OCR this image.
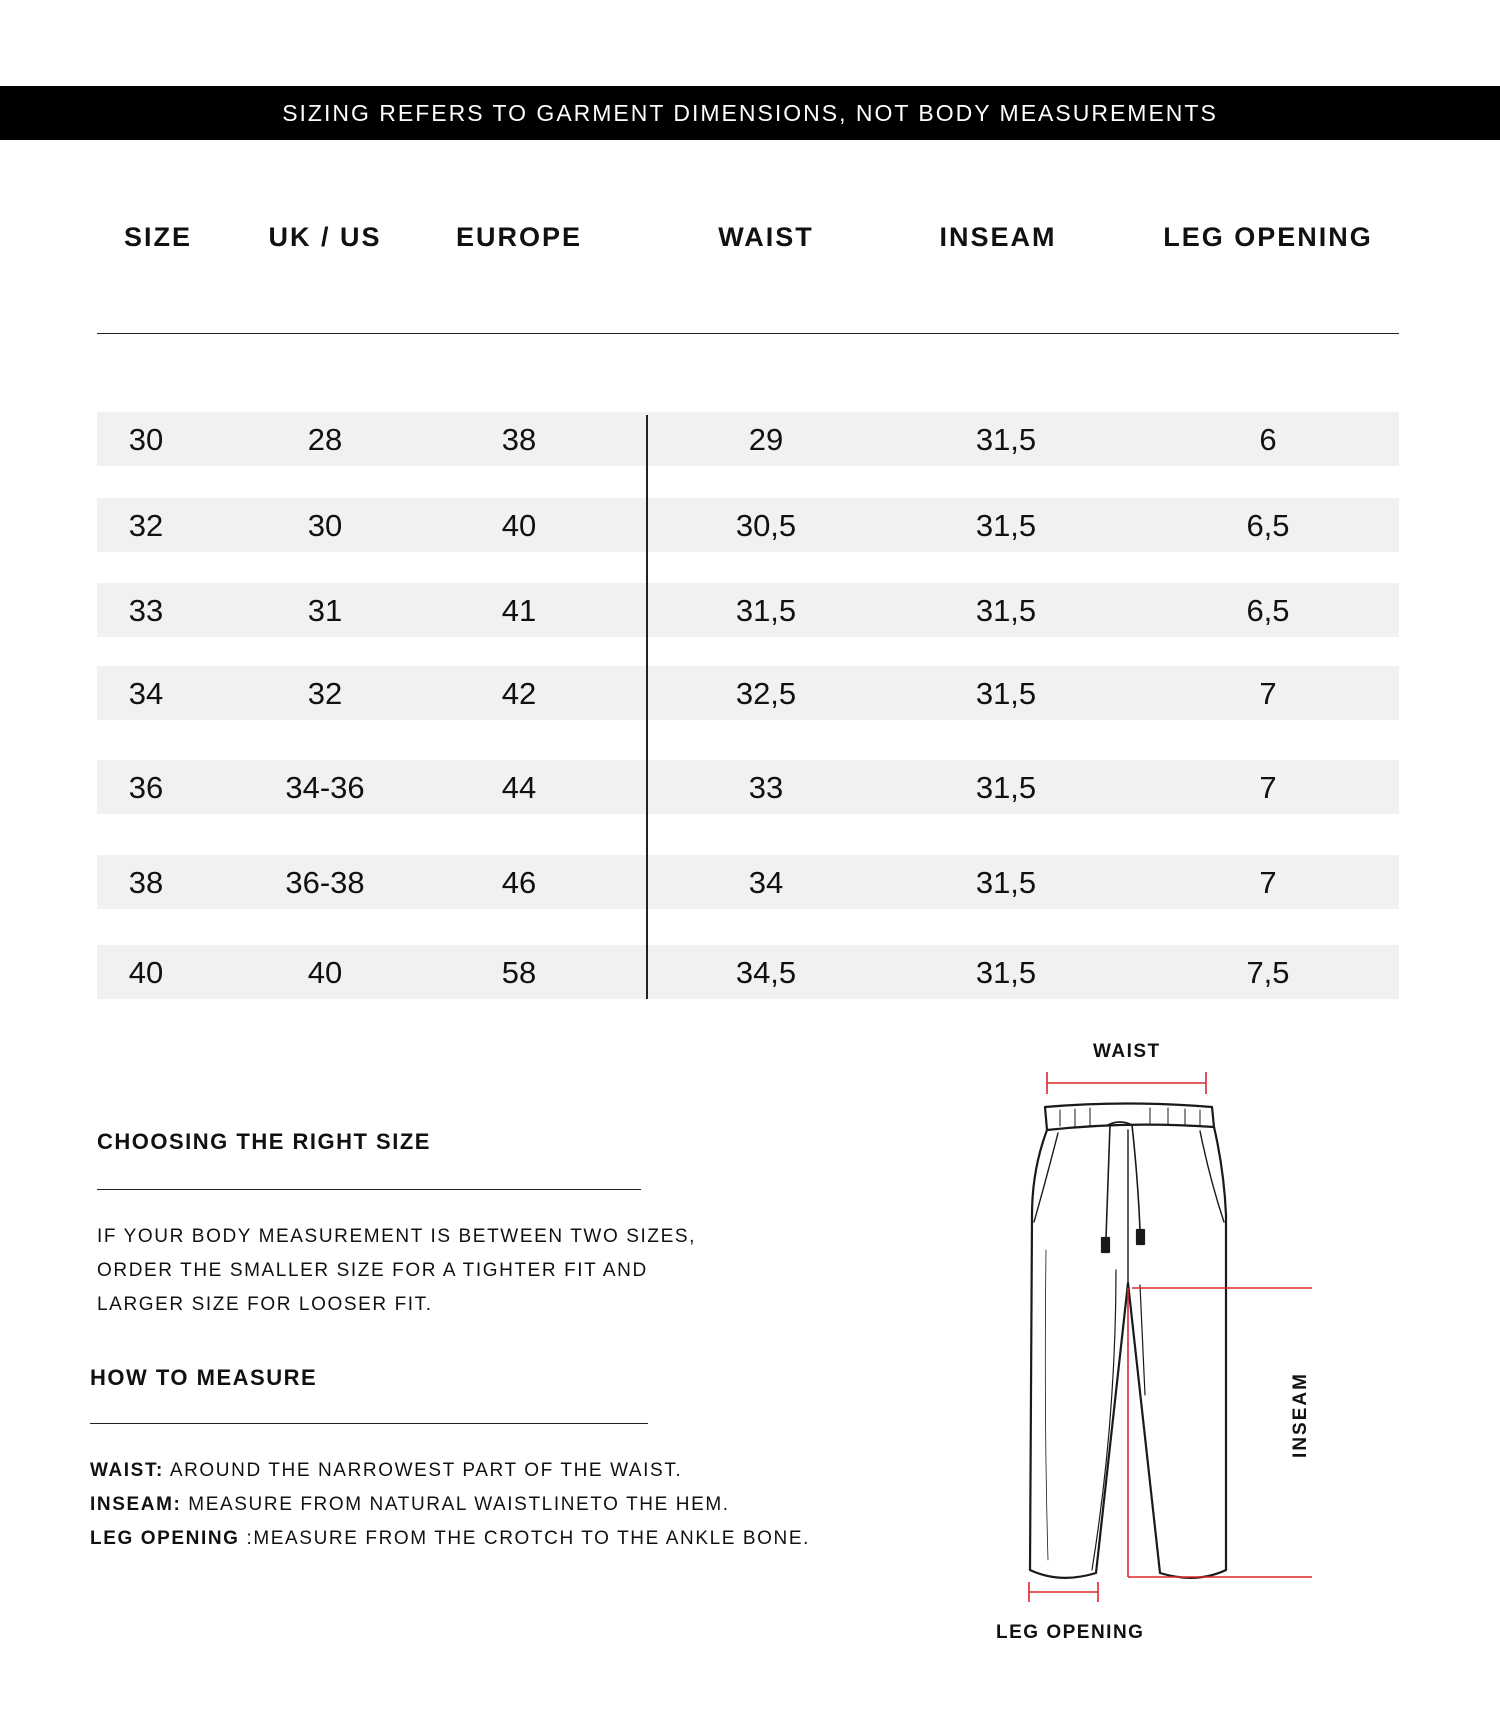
SIZING REFERS TO GARMENT DIMENSIONS, NOT BODY MEASUREMENTS
SIZE	UK / US	EUROPE	WAIST	INSEAM	LEG OPENING
30	28	38	29	31,5	6
32	30	40	30,5	31,5	6,5
33	31	41	31,5	31,5	6,5
34	32	42	32,5	31,5	7
36	34-36	44	33	31,5	7
38	36-38	46	34	31,5	7
40	40	58	34,5	31,5	7,5
CHOOSING THE RIGHT SIZE
IF YOUR BODY MEASUREMENT IS BETWEEN TWO SIZES,
ORDER THE SMALLER SIZE FOR A TIGHTER FIT AND
LARGER SIZE FOR LOOSER FIT.
HOW TO MEASURE
WAIST: AROUND THE NARROWEST PART OF THE WAIST.
INSEAM: MEASURE FROM NATURAL WAISTLINETO THE HEM.
LEG OPENING :MEASURE FROM THE CROTCH TO THE ANKLE BONE.
WAIST
INSEAM
LEG OPENING
